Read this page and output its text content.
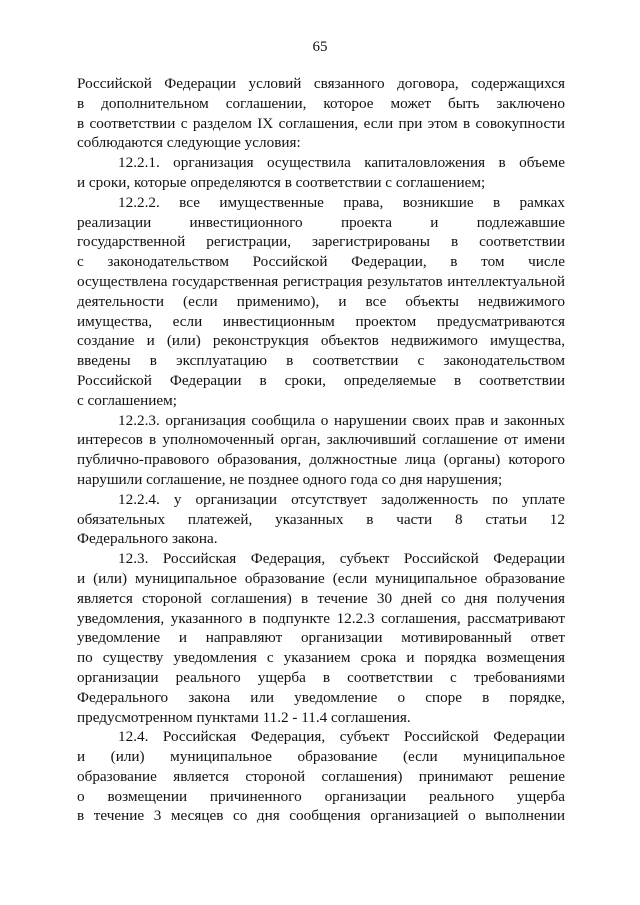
65
Российской Федерации условий связанного договора, содержащихся
в дополнительном соглашении, которое может быть заключено
в соответствии с разделом IX соглашения, если при этом в совокупности
соблюдаются следующие условия:
12.2.1. организация осуществила капиталовложения в объеме
и сроки, которые определяются в соответствии с соглашением;
12.2.2. все имущественные права, возникшие в рамках
реализации инвестиционного проекта и подлежавшие
государственной регистрации, зарегистрированы в соответствии
с законодательством Российской Федерации, в том числе
осуществлена государственная регистрация результатов интеллектуальной
деятельности (если применимо), и все объекты недвижимого
имущества, если инвестиционным проектом предусматриваются
создание и (или) реконструкция объектов недвижимого имущества,
введены в эксплуатацию в соответствии с законодательством
Российской Федерации в сроки, определяемые в соответствии
с соглашением;
12.2.3. организация сообщила о нарушении своих прав и законных
интересов в уполномоченный орган, заключивший соглашение от имени
публично-правового образования, должностные лица (органы) которого
нарушили соглашение, не позднее одного года со дня нарушения;
12.2.4. у организации отсутствует задолженность по уплате
обязательных платежей, указанных в части 8 статьи 12
Федерального закона.
12.3. Российская Федерация, субъект Российской Федерации
и (или) муниципальное образование (если муниципальное образование
является стороной соглашения) в течение 30 дней со дня получения
уведомления, указанного в подпункте 12.2.3 соглашения, рассматривают
уведомление и направляют организации мотивированный ответ
по существу уведомления с указанием срока и порядка возмещения
организации реального ущерба в соответствии с требованиями
Федерального закона или уведомление о споре в порядке,
предусмотренном пунктами 11.2 - 11.4 соглашения.
12.4. Российская Федерация, субъект Российской Федерации
и (или) муниципальное образование (если муниципальное
образование является стороной соглашения) принимают решение
о возмещении причиненного организации реального ущерба
в течение 3 месяцев со дня сообщения организацией о выполнении
